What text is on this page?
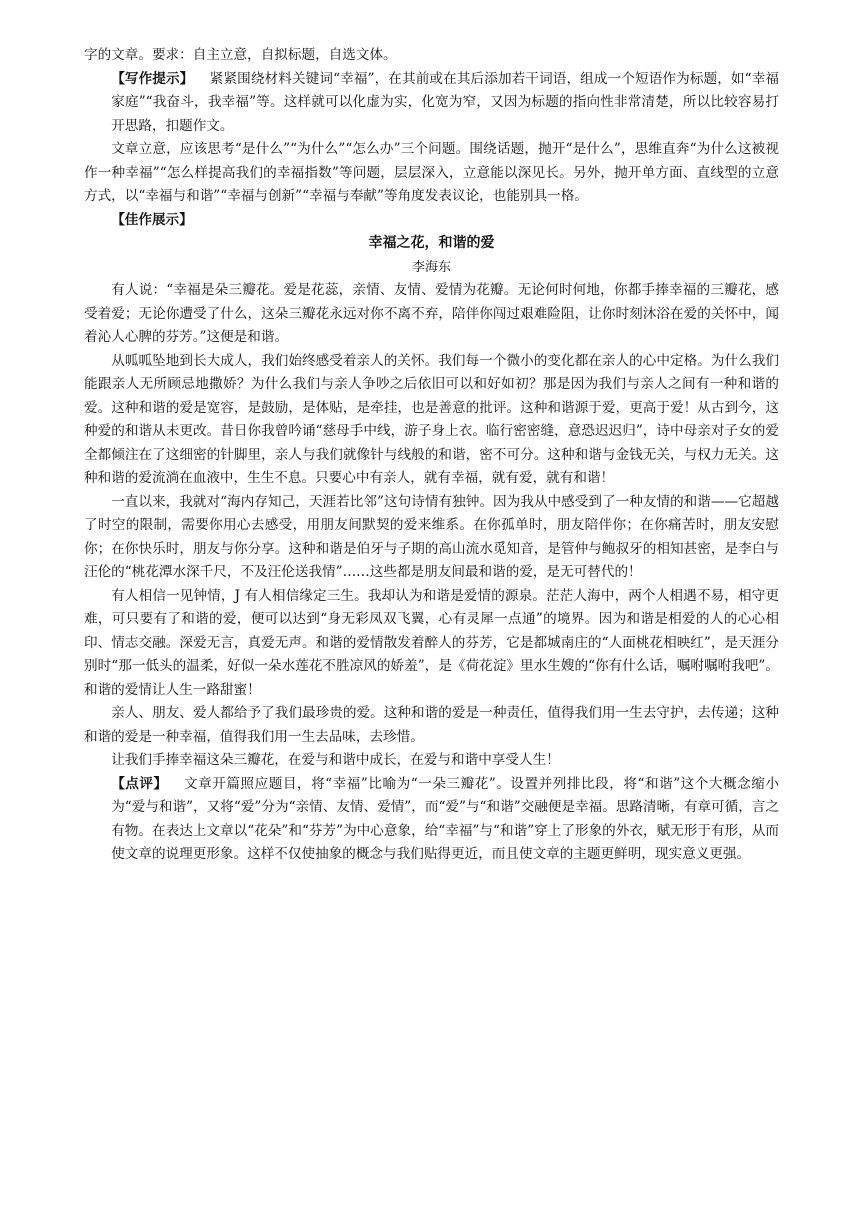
字的文章。要求：自主立意，自拟标题，自选文体。

【写作提示】 紧紧围绕材料关键词“幸福”，在其前或在其后添加若干词语，组成一个短语作为标题，如“幸福家庭”“我奋斗，我幸福”等。这样就可以化虚为实，化宽为窄，又因为标题的指向性非常清楚，所以比较容易打开思路，扣题作文。

文章立意，应该思考“是什么”“为什么”“怎么办”三个问题。围绕话题，抛开“是什么”，思维直奔“为什么这被视作一种幸福”“怎么样提高我们的幸福指数”等问题，层层深入，立意能以深见长。另外，抛开单方面、直线型的立意方式，以“幸福与和谐”“幸福与创新”“幸福与奉献”等角度发表议论，也能别具一格。

【佳作展示】

幸福之花，和谐的爱

李海东

有人说：“幸福是朵三瓣花。爱是花蕊，亲情、友情、爱情为花瓣。无论何时何地，你都手捧幸福的三瓣花，感受着爱；无论你遭受了什么，这朵三瓣花永远对你不离不弃，陪伴你闯过艰难险阻，让你时刻沐浴在爱的关怀中，闻着沁人心脾的芬芳。”这便是和谐。

从呱呱坠地到长大成人，我们始终感受着亲人的关怀。我们每一个微小的变化都在亲人的心中定格。为什么我们能跟亲人无所顾忌地撒娇？为什么我们与亲人争吵之后依旧可以和好如初？那是因为我们与亲人之间有一种和谐的爱。这种和谐的爱是宽容，是鼓励，是体贴，是牵挂，也是善意的批评。这种和谐源于爱，更高于爱！从古到今，这种爱的和谐从未更改。昔日你我曾吟诵“慈母手中线，游子身上衣。临行密密缝，意恐迟迟归”，诗中母亲对子女的爱全都倾注在了这细密的针脚里，亲人与我们就像针与线般的和谐，密不可分。这种和谐与金钱无关，与权力无关。这种和谐的爱流淌在血液中，生生不息。只要心中有亲人，就有幸福，就有爱，就有和谐！

一直以来，我就对“海内存知己，天涯若比邻”这句诗情有独钟。因为我从中感受到了一种友情的和谐——它超越了时空的限制，需要你用心去感受，用朋友间默契的爱来维系。在你孤单时，朋友陪伴你；在你痛苦时，朋友安慰你；在你快乐时，朋友与你分享。这种和谐是伯牙与子期的高山流水觅知音，是管仲与鲍叔牙的相知甚密，是李白与汪伦的“桃花潭水深千尺，不及汪伦送我情”……这些都是朋友间最和谐的爱，是无可替代的！

有人相信一见钟情，J 有人相信缘定三生。我却认为和谐是爱情的源泉。茫茫人海中，两个人相遇不易，相守更难，可只要有了和谐的爱，便可以达到“身无彩凤双飞翼，心有灵犀一点通”的境界。因为和谐是相爱的人的心心相印、情志交融。深爱无言，真爱无声。和谐的爱情散发着醉人的芬芳，它是都城南庄的“人面桃花相映红”，是天涯分别时“那一低头的温柔，好似一朵水莲花不胜凉风的娇羞”，是《荷花淀》里水生嫂的“你有什么话，嘱咐嘱咐我吧”。和谐的爱情让人生一路甜蜜！

亲人、朋友、爱人都给予了我们最珍贵的爱。这种和谐的爱是一种责任，值得我们用一生去守护，去传递；这种和谐的爱是一种幸福，值得我们用一生去品味，去珍惜。

让我们手捧幸福这朵三瓣花，在爱与和谐中成长，在爱与和谐中享受人生！

【点评】 文章开篇照应题目，将“幸福”比喻为“一朵三瓣花”。设置并列排比段，将“和谐”这个大概念缩小为“爱与和谐”，又将“爱”分为“亲情、友情、爱情”，而“爱”与“和谐”交融便是幸福。思路清晰，有章可循，言之有物。在表达上文章以“花朵”和“芬芳”为中心意象，给“幸福”与“和谐”穿上了形象的外衣，赋无形于有形，从而使文章的说理更形象。这样不仅使抽象的概念与我们贴得更近，而且使文章的主题更鲜明，现实意义更强。
